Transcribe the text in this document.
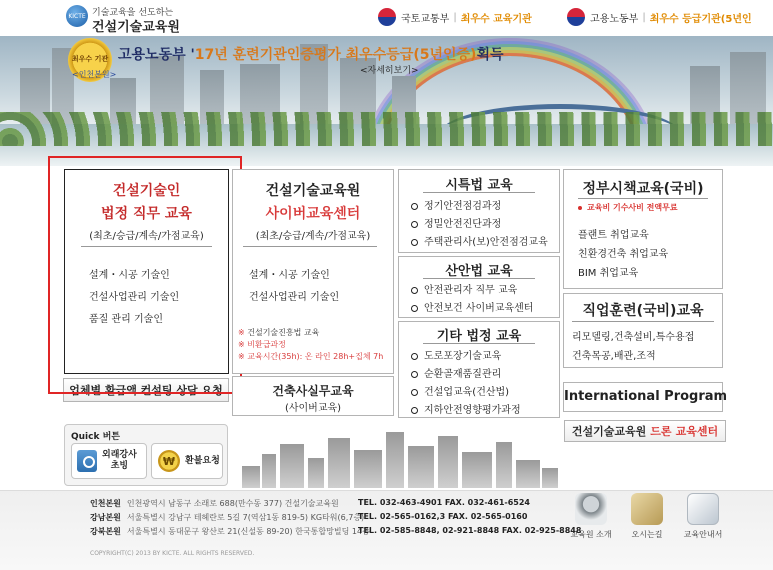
KICTE 기술교육을 선도하는
건설기술교육원
국토교통부 | 최우수 교육기관	고용노동부 | 최우수 등급기관(5년인
최우수 기관
<인천본원>
고용노동부 '17년 훈련기관인증평가 최우수등급(5년인증)획득
<자세히보기>
건설기술인
법정 직무 교육
(최초/승급/계속/가점교육)
설계・시공 기술인
건설사업관리 기술인
품질 관리 기술인
업체별 환급액 컨설팅 상담 요청
건설기술교육원
사이버교육센터
(최초/승급/계속/가점교육)
설계・시공 기술인
건설사업관리 기술인
※ 건설기술진흥법 교육
※ 비환급과정
※ 교육시간(35h): 온 라인 28h+집체 7h
건축사실무교육
(사이버교육)
시특법 교육
정기안전점검과정
정밀안전진단과정
주택관리사(보)안전점검교육
산안법 교육
안전관리자 직무 교육
안전보건 사이버교육센터
기타 법정 교육
도로포장기술교육
순환골재품질관리
건설업교육(건산법)
지하안전영향평가과정
정부시책교육(국비)
교육비 기수사비 전액무료
플랜트 취업교육
친환경건축 취업교육
BIM 취업교육
직업훈련(국비)교육
리모델링,건축설비,특수용접
건축목공,배관,조적
International Program
건설기술교육원 드론 교육센터
Quick 버튼
외래강사
초빙	₩	환불요청
인천본원 인천광역시 남동구 소래로 688(만수동 377) 건설기술교육원 TEL. 032-463-4901 FAX. 032-461-6524
강남본원 서울특별시 강남구 테헤란로 5길 7(역삼1동 819-5) KG타워(6,7층)
TEL. 02-565-0162,3 FAX. 02-565-0160
강북본원 서울특별시 동대문구 왕산로 21(신설동 89-20) 한국통합망빌딩 14층
TEL. 02-585-8848, 02-921-8848 FAX. 02-925-8848
COPYRIGHT(C) 2013 BY KICTE. ALL RIGHTS RESERVED.
교육원 소개	오시는길	교육안내서
